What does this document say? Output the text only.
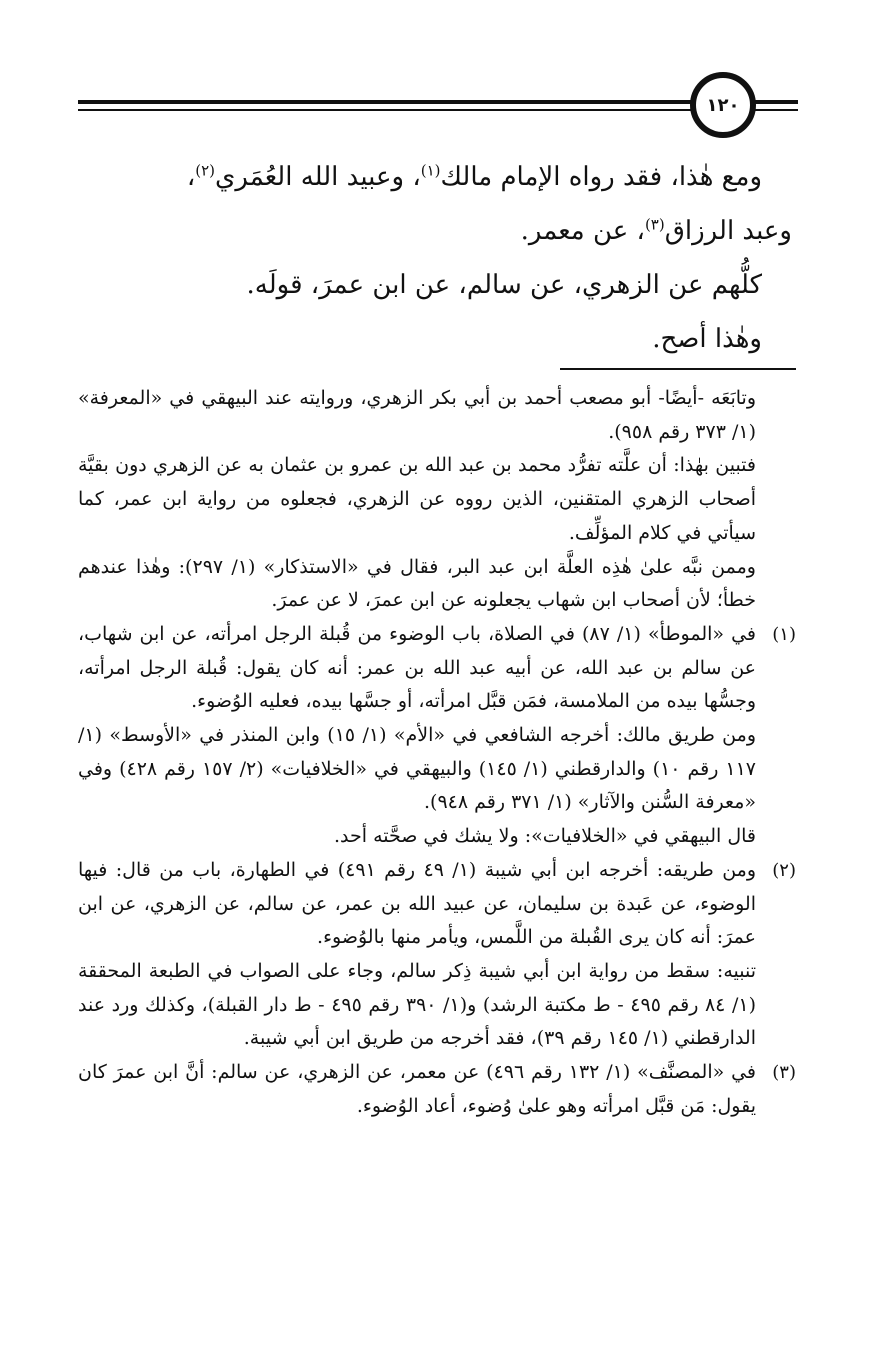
١٢٠

ومع هٰذا، فقد رواه الإمام مالك$^{(١)}$، وعبيد الله العُمَري$^{(٢)}$،

وعبد الرزاق$^{(٣)}$، عن معمر.

كلُّهم عن الزهري، عن سالم، عن ابن عمرَ، قولَه.

وهٰذا أصح.

وتابَعَه -أيضًا- أبو مصعب أحمد بن أبي بكر الزهري، وروايته عند البيهقي في «المعرفة» (١/ ٣٧٣ رقم ٩٥٨).

فتبين بهٰذا: أن علَّته تفرُّد محمد بن عبد الله بن عمرو بن عثمان به عن الزهري دون بقيَّة أصحاب الزهري المتقنين، الذين رووه عن الزهري، فجعلوه من رواية ابن عمر، كما سيأتي في كلام المؤلِّف.

وممن نبَّه علىٰ هٰذِه العلَّة ابن عبد البر، فقال في «الاستذكار» (١/ ٢٩٧): وهٰذا عندهم خطأ؛ لأن أصحاب ابن شهاب يجعلونه عن ابن عمرَ، لا عن عمرَ.

(١)

في «الموطأ» (١/ ٨٧) في الصلاة، باب الوضوء من قُبلة الرجل امرأته، عن ابن شهاب، عن سالم بن عبد الله، عن أبيه عبد الله بن عمر: أنه كان يقول: قُبلة الرجل امرأته، وجسُّها بيده من الملامسة، فمَن قبَّل امرأته، أو جسَّها بيده، فعليه الوُضوء.

ومن طريق مالك: أخرجه الشافعي في «الأم» (١/ ١٥) وابن المنذر في «الأوسط» (١/ ١١٧ رقم ١٠) والدارقطني (١/ ١٤٥) والبيهقي في «الخلافيات» (٢/ ١٥٧ رقم ٤٢٨) وفي «معرفة السُّنن والآثار» (١/ ٣٧١ رقم ٩٤٨).

قال البيهقي في «الخلافيات»: ولا يشك في صحَّته أحد.

(٢)

ومن طريقه: أخرجه ابن أبي شيبة (١/ ٤٩ رقم ٤٩١) في الطهارة، باب من قال: فيها الوضوء، عن عَبدة بن سليمان، عن عبيد الله بن عمر، عن سالم، عن الزهري، عن ابن عمرَ: أنه كان يرى القُبلة من اللَّمس، ويأمر منها بالوُضوء.

تنبيه: سقط من رواية ابن أبي شيبة ذِكر سالم، وجاء على الصواب في الطبعة المحققة (١/ ٨٤ رقم ٤٩٥ - ط مكتبة الرشد) و(١/ ٣٩٠ رقم ٤٩٥ - ط دار القبلة)، وكذلك ورد عند الدارقطني (١/ ١٤٥ رقم ٣٩)، فقد أخرجه من طريق ابن أبي شيبة.

(٣)

في «المصنَّف» (١/ ١٣٢ رقم ٤٩٦) عن معمر، عن الزهري، عن سالم: أنَّ ابن عمرَ كان يقول: مَن قبَّل امرأته وهو علىٰ وُضوء، أعاد الوُضوء.
